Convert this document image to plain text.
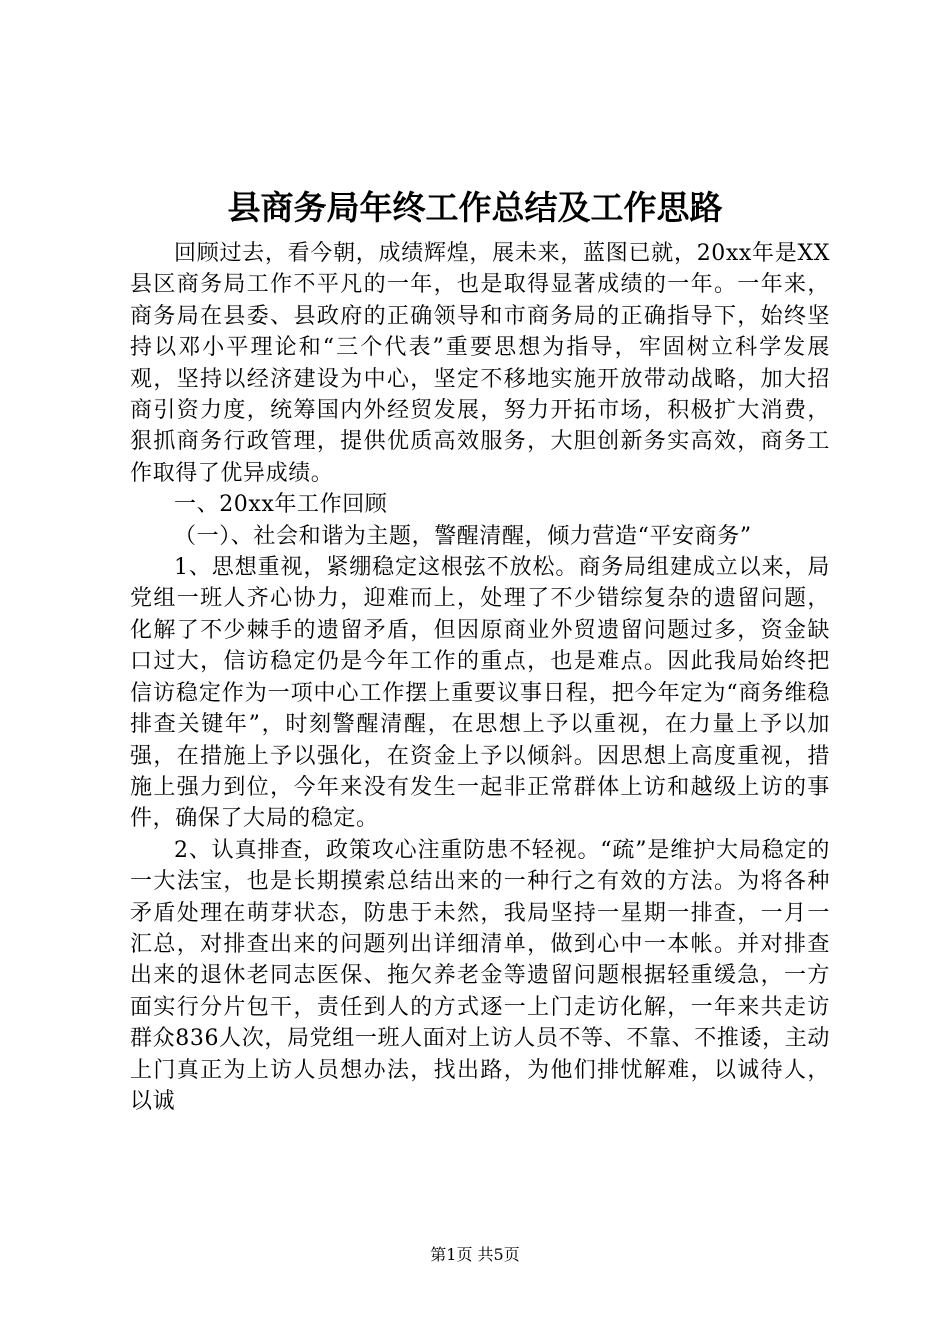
县商务局年终工作总结及工作思路

回顾过去，看今朝，成绩辉煌，展未来，蓝图已就，20xx年是XX县区商务局工作不平凡的一年，也是取得显著成绩的一年。一年来，商务局在县委、县政府的正确领导和市商务局的正确指导下，始终坚持以邓小平理论和“三个代表”重要思想为指导，牢固树立科学发展观，坚持以经济建设为中心，坚定不移地实施开放带动战略，加大招商引资力度，统筹国内外经贸发展，努力开拓市场，积极扩大消费，狠抓商务行政管理，提供优质高效服务，大胆创新务实高效，商务工作取得了优异成绩。

一、20xx年工作回顾

（一）、社会和谐为主题，警醒清醒，倾力营造“平安商务”

1、思想重视，紧绷稳定这根弦不放松。商务局组建成立以来，局党组一班人齐心协力，迎难而上，处理了不少错综复杂的遗留问题，化解了不少棘手的遗留矛盾，但因原商业外贸遗留问题过多，资金缺口过大，信访稳定仍是今年工作的重点，也是难点。因此我局始终把信访稳定作为一项中心工作摆上重要议事日程，把今年定为“商务维稳排查关键年”，时刻警醒清醒，在思想上予以重视，在力量上予以加强，在措施上予以强化，在资金上予以倾斜。因思想上高度重视，措施上强力到位，今年来没有发生一起非正常群体上访和越级上访的事件，确保了大局的稳定。

2、认真排查，政策攻心注重防患不轻视。“疏”是维护大局稳定的一大法宝，也是长期摸索总结出来的一种行之有效的方法。为将各种矛盾处理在萌芽状态，防患于未然，我局坚持一星期一排查，一月一汇总，对排查出来的问题列出详细清单，做到心中一本帐。并对排查出来的退休老同志医保、拖欠养老金等遗留问题根据轻重缓急，一方面实行分片包干，责任到人的方式逐一上门走访化解，一年来共走访群众836人次，局党组一班人面对上访人员不等、不靠、不推诿，主动上门真正为上访人员想办法，找出路，为他们排忧解难，以诚待人，以诚

第1页 共5页
